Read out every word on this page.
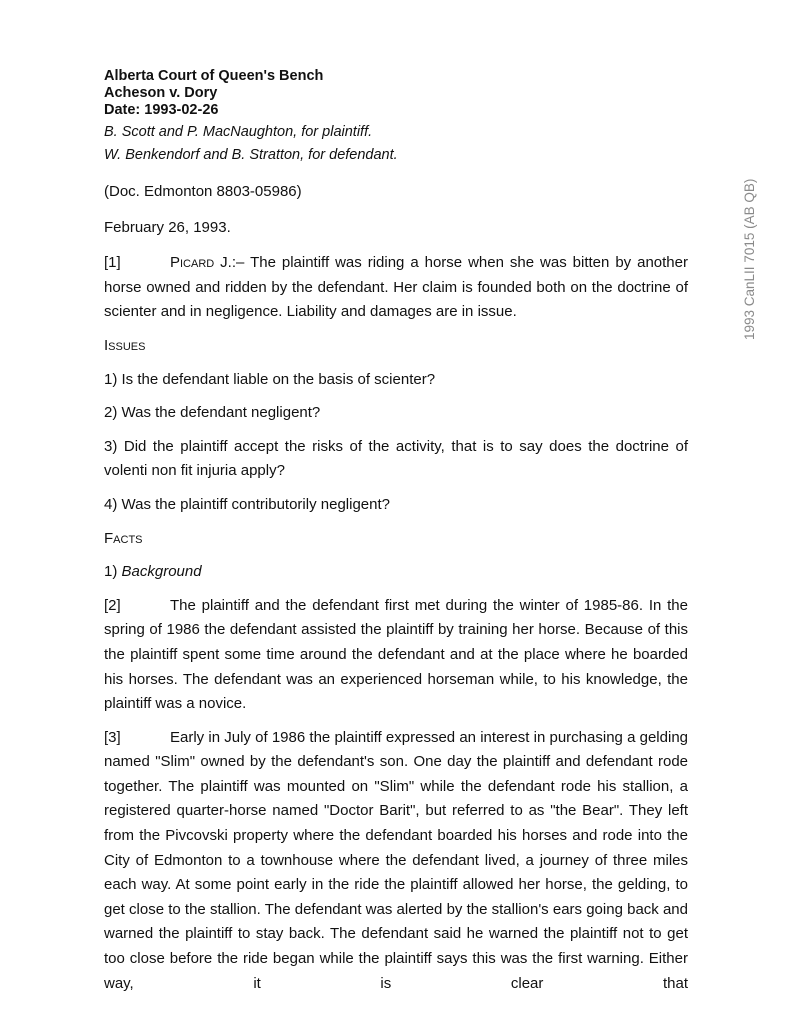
Alberta Court of Queen's Bench

Acheson v. Dory

Date: 1993-02-26

B. Scott and P. MacNaughton, for plaintiff.

W. Benkendorf and B. Stratton, for defendant.

(Doc. Edmonton 8803-05986)

February 26, 1993.

[1]	Picard J.:– The plaintiff was riding a horse when she was bitten by another horse owned and ridden by the defendant. Her claim is founded both on the doctrine of scienter and in negligence. Liability and damages are in issue.

Issues

1) Is the defendant liable on the basis of scienter?

2) Was the defendant negligent?

3) Did the plaintiff accept the risks of the activity, that is to say does the doctrine of volenti non fit injuria apply?

4) Was the plaintiff contributorily negligent?

Facts

1) Background

[2]	The plaintiff and the defendant first met during the winter of 1985-86. In the spring of 1986 the defendant assisted the plaintiff by training her horse. Because of this the plaintiff spent some time around the defendant and at the place where he boarded his horses. The defendant was an experienced horseman while, to his knowledge, the plaintiff was a novice.

[3]	Early in July of 1986 the plaintiff expressed an interest in purchasing a gelding named "Slim" owned by the defendant's son. One day the plaintiff and defendant rode together. The plaintiff was mounted on "Slim" while the defendant rode his stallion, a registered quarter-horse named "Doctor Barit", but referred to as "the Bear". They left from the Pivcovski property where the defendant boarded his horses and rode into the City of Edmonton to a townhouse where the defendant lived, a journey of three miles each way. At some point early in the ride the plaintiff allowed her horse, the gelding, to get close to the stallion. The defendant was alerted by the stallion's ears going back and warned the plaintiff to stay back. The defendant said he warned the plaintiff not to get too close before the ride began while the plaintiff says this was the first warning. Either way, it is clear that

1993 CanLII 7015 (AB QB)
